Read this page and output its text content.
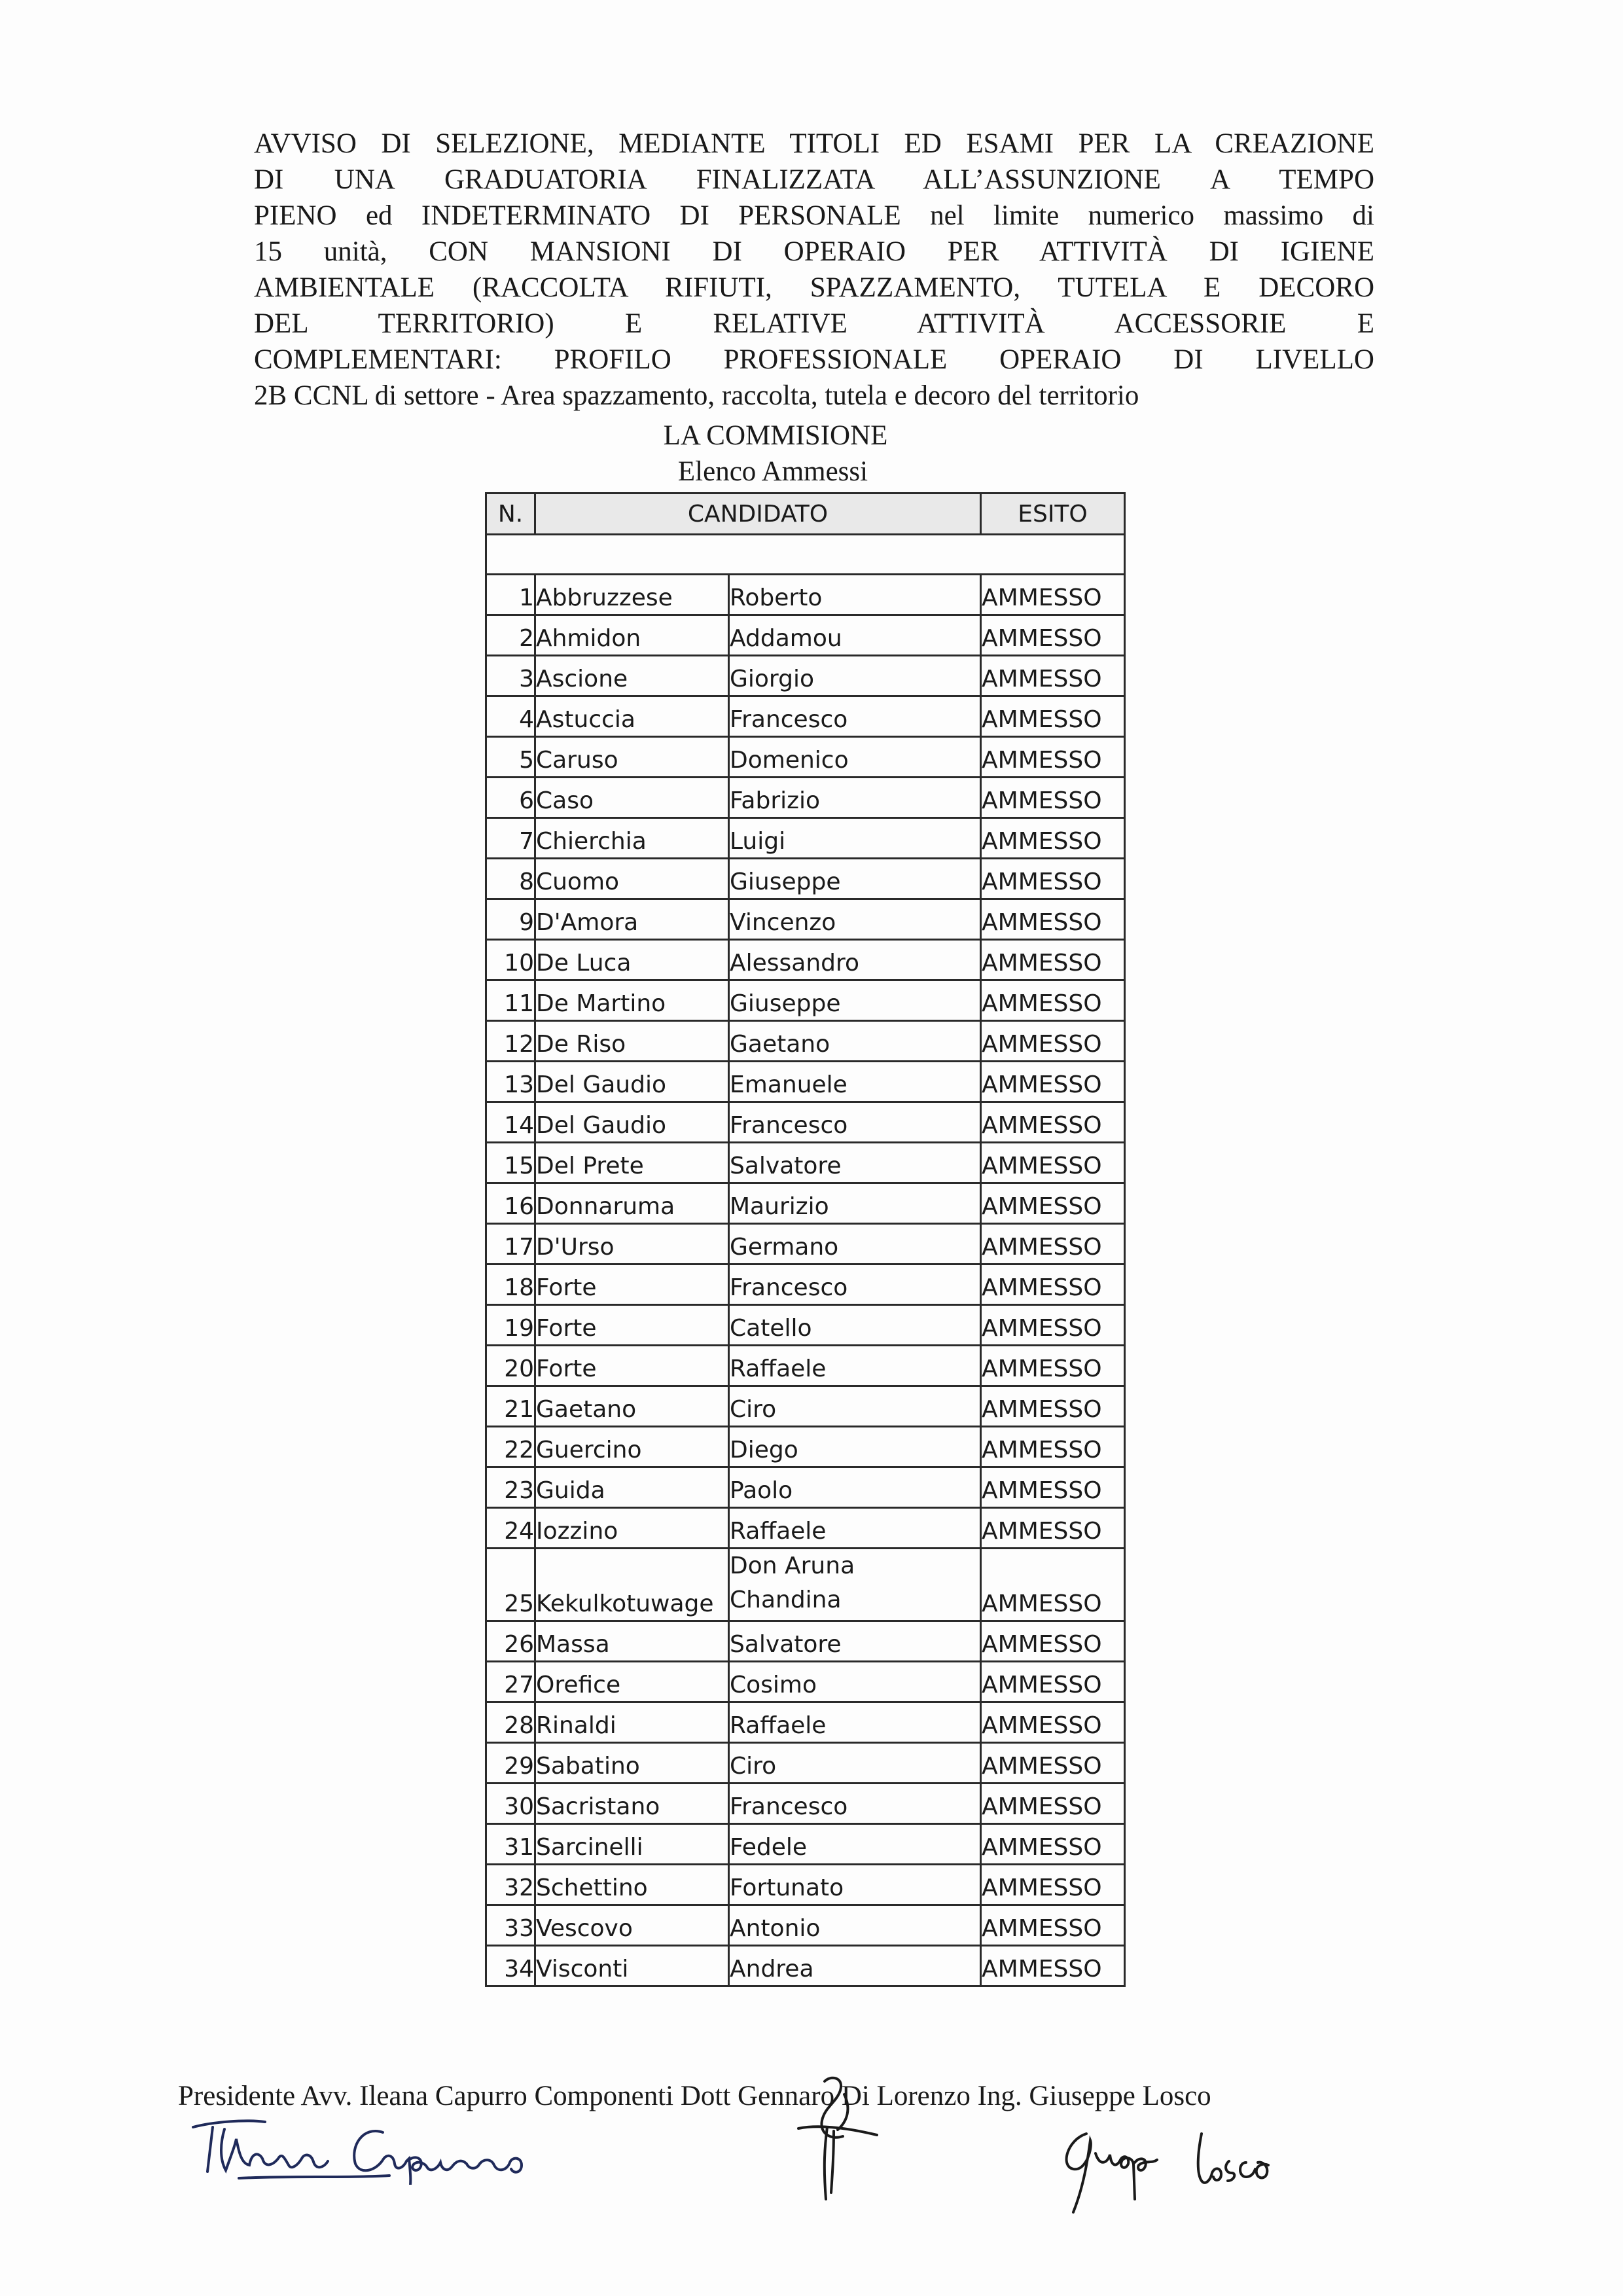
AVVISO DI SELEZIONE, MEDIANTE TITOLI ED ESAMI PER LA CREAZIONE
DI UNA GRADUATORIA FINALIZZATA ALL’ASSUNZIONE A TEMPO
PIENO ed INDETERMINATO DI PERSONALE nel limite numerico massimo di
15 unità, CON MANSIONI DI OPERAIO PER ATTIVITÀ DI IGIENE
AMBIENTALE (RACCOLTA RIFIUTI, SPAZZAMENTO, TUTELA E DECORO
DEL TERRITORIO) E RELATIVE ATTIVITÀ ACCESSORIE E
COMPLEMENTARI: PROFILO PROFESSIONALE OPERAIO DI LIVELLO
2B CCNL di settore - Area spazzamento, raccolta, tutela e decoro del territorio
LA COMMISIONE
Elenco Ammessi
N.	CANDIDATO		ESITO

1	Abbruzzese	Roberto	AMMESSO
2	Ahmidon	Addamou	AMMESSO
3	Ascione	Giorgio	AMMESSO
4	Astuccia	Francesco	AMMESSO
5	Caruso	Domenico	AMMESSO
6	Caso	Fabrizio	AMMESSO
7	Chierchia	Luigi	AMMESSO
8	Cuomo	Giuseppe	AMMESSO
9	D'Amora	Vincenzo	AMMESSO
10	De Luca	Alessandro	AMMESSO
11	De Martino	Giuseppe	AMMESSO
12	De Riso	Gaetano	AMMESSO
13	Del Gaudio	Emanuele	AMMESSO
14	Del Gaudio	Francesco	AMMESSO
15	Del Prete	Salvatore	AMMESSO
16	Donnaruma	Maurizio	AMMESSO
17	D'Urso	Germano	AMMESSO
18	Forte	Francesco	AMMESSO
19	Forte	Catello	AMMESSO
20	Forte	Raffaele	AMMESSO
21	Gaetano	Ciro	AMMESSO
22	Guercino	Diego	AMMESSO
23	Guida	Paolo	AMMESSO
24	Iozzino	Raffaele	AMMESSO
25	Kekulkotuwage	Don Aruna
Chandina	AMMESSO
26	Massa	Salvatore	AMMESSO
27	Orefice	Cosimo	AMMESSO
28	Rinaldi	Raffaele	AMMESSO
29	Sabatino	Ciro	AMMESSO
30	Sacristano	Francesco	AMMESSO
31	Sarcinelli	Fedele	AMMESSO
32	Schettino	Fortunato	AMMESSO
33	Vescovo	Antonio	AMMESSO
34	Visconti	Andrea	AMMESSO
Presidente Avv. Ileana Capurro Componenti Dott Gennaro Di Lorenzo Ing. Giuseppe Losco
